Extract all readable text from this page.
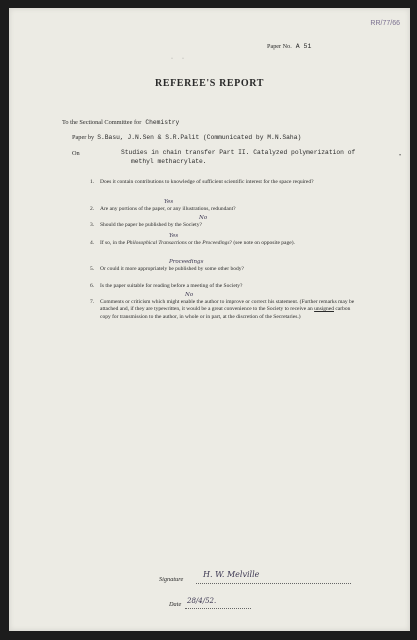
RR/77/66
Paper No. A 51
·      ·
REFEREE'S REPORT
To the Sectional Committee for Chemistry
Paper by S.Basu, J.N.Sen & S.R.Palit (Communicated by M.N.Saha)
On	Studies in chain transfer Part II. Catalyzed polymerization of
methyl methacrylate.
•
1.	Does it contain contributions to knowledge of sufficient scientific interest for the space required?
Yes
2.	Are any portions of the paper, or any illustrations, redundant?
No
3.	Should the paper be published by the Society?
Yes
4.	If so, in the Philosophical Transactions or the Proceedings? (see note on opposite page).
Proceedings
5.	Or could it more appropriately be published by some other body?
6.	Is the paper suitable for reading before a meeting of the Society?
No
7.	Comments or criticism which might enable the author to improve or correct his statement. (Further remarks may be attached and, if they are typewritten, it would be a great convenience to the Society to receive an unsigned carbon copy for transmission to the author, in whole or in part, at the discretion of the Secretaries.)
Signature
H. W. Melville
Date 28/4/52.
